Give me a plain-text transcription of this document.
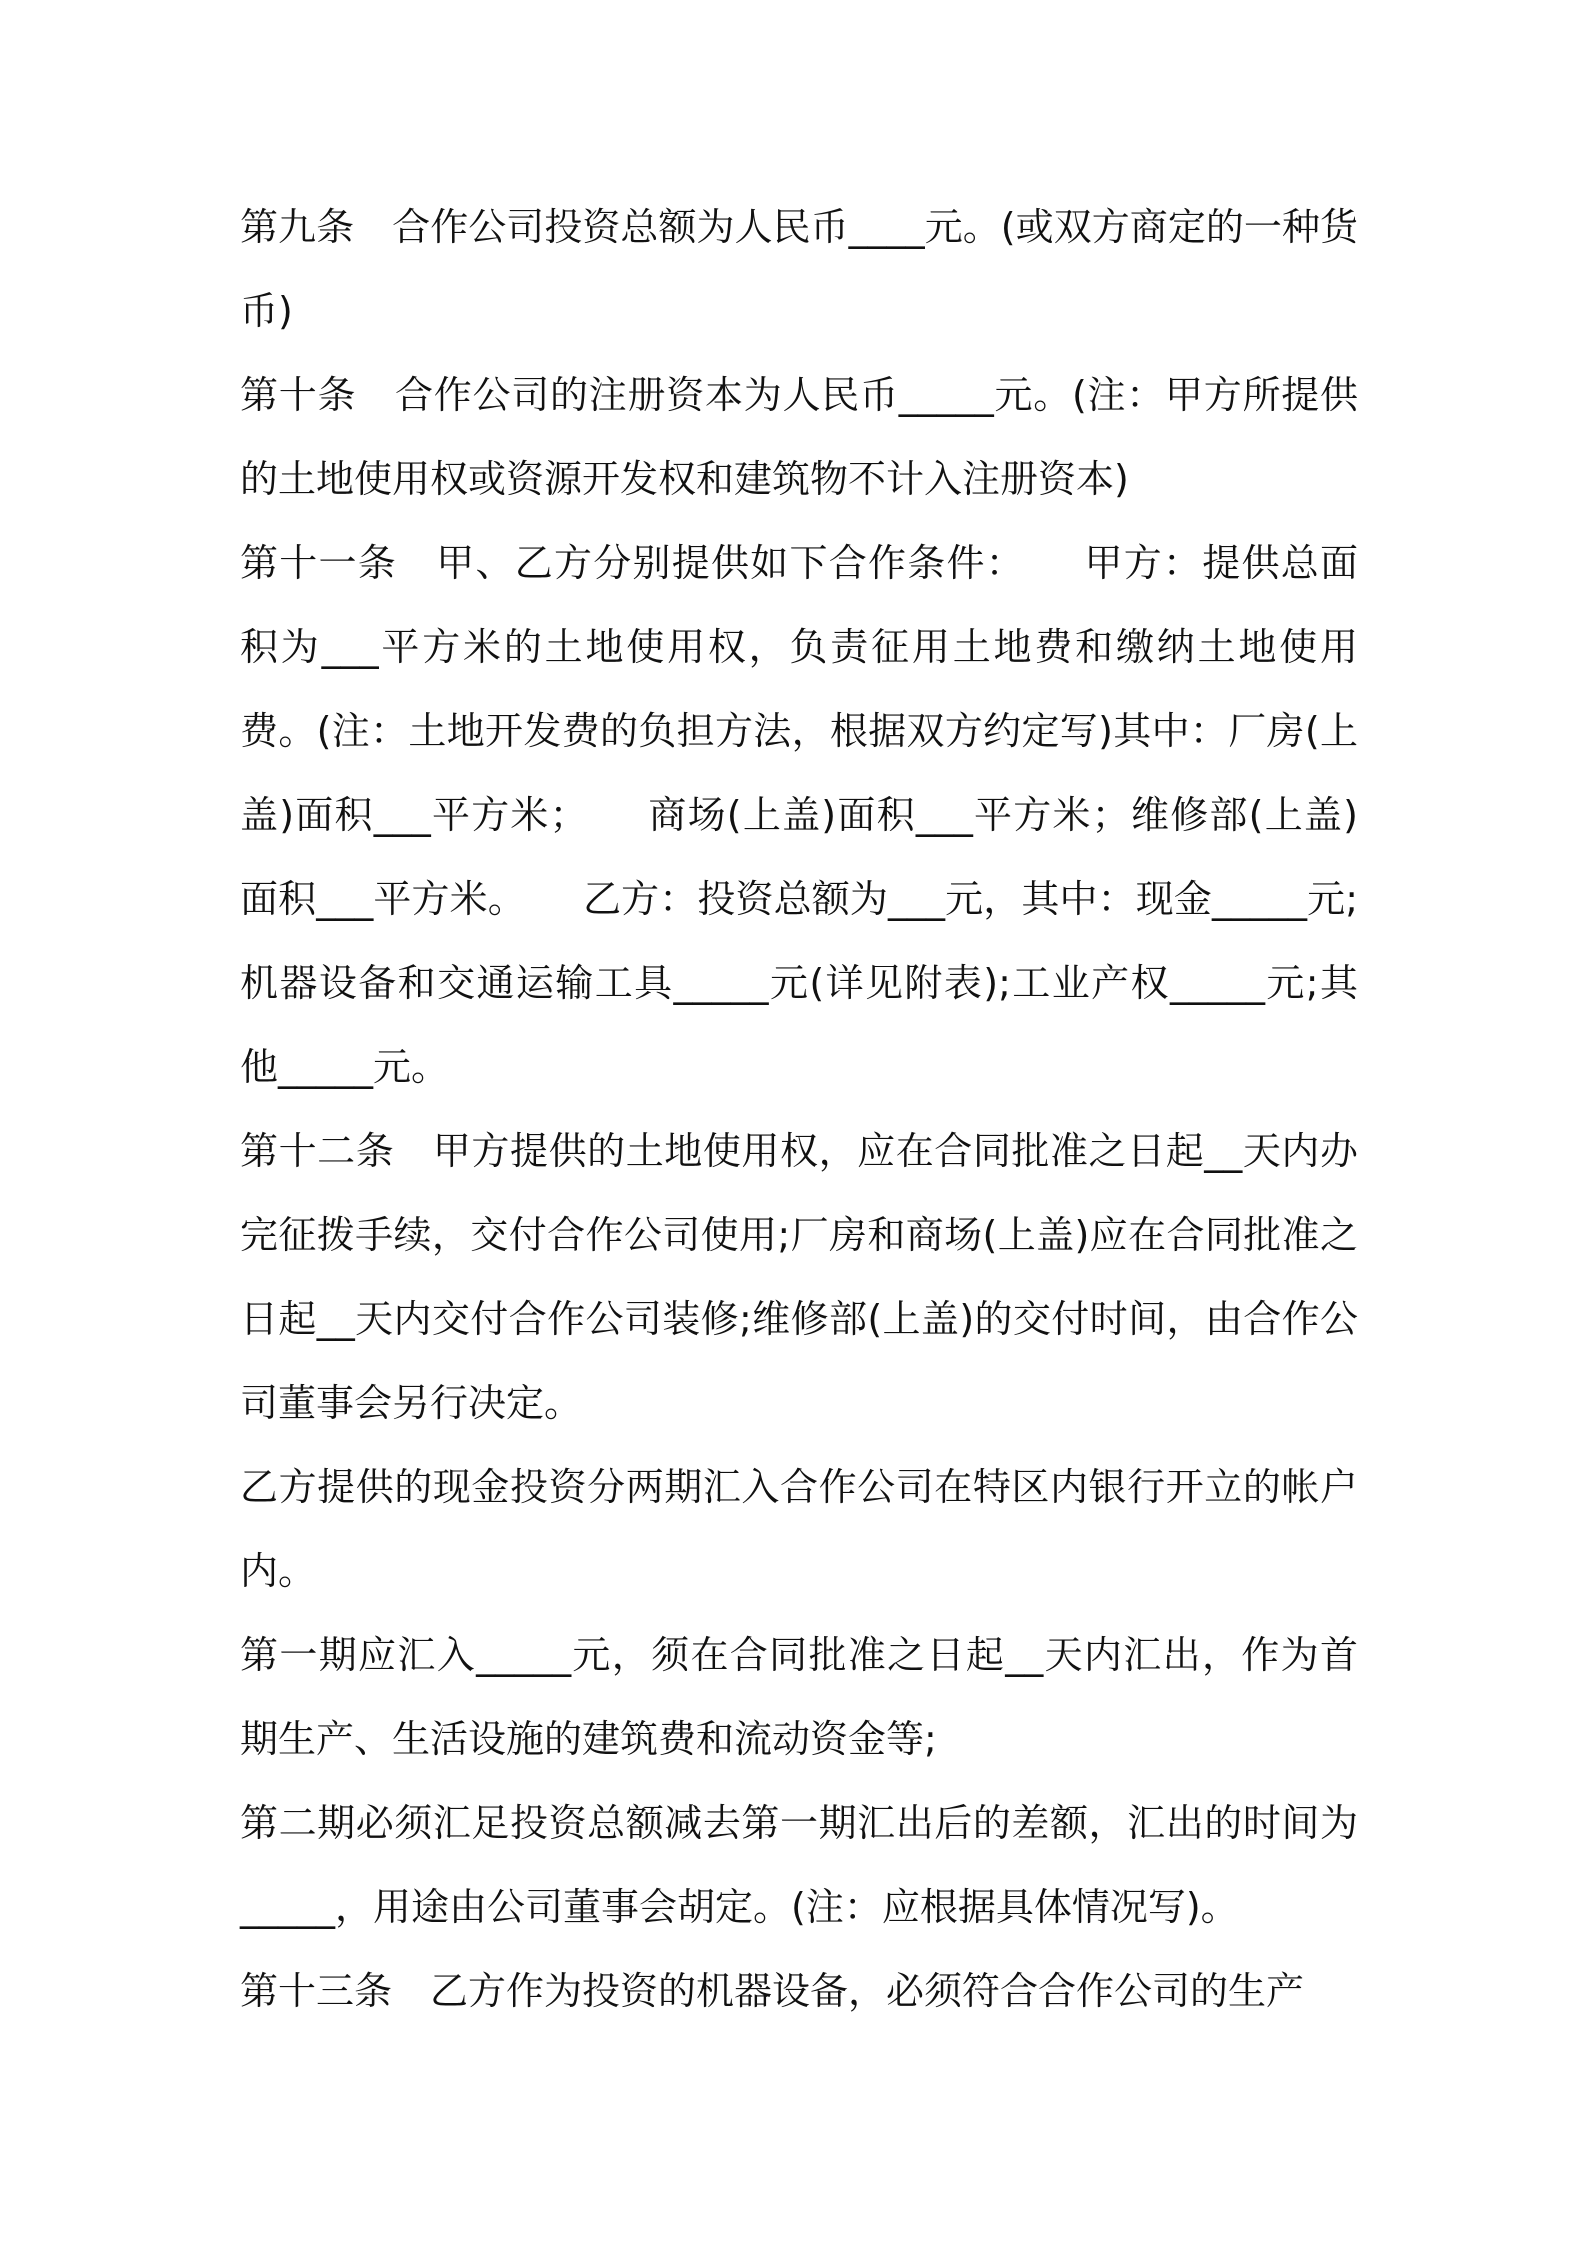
第九条　合作公司投资总额为人民币____元。(或双方商定的一种货币)

第十条　合作公司的注册资本为人民币_____元。(注：甲方所提供的土地使用权或资源开发权和建筑物不计入注册资本)

第十一条　甲、乙方分别提供如下合作条件：　　甲方：提供总面积为___平方米的土地使用权，负责征用土地费和缴纳土地使用费。(注：土地开发费的负担方法，根据双方约定写)其中：厂房(上盖)面积___平方米；　　商场(上盖)面积___平方米；维修部(上盖)面积___平方米。　　乙方：投资总额为___元，其中：现金_____元;机器设备和交通运输工具_____元(详见附表);工业产权_____元;其他_____元。

第十二条　甲方提供的土地使用权，应在合同批准之日起__天内办完征拨手续，交付合作公司使用;厂房和商场(上盖)应在合同批准之日起__天内交付合作公司装修;维修部(上盖)的交付时间，由合作公司董事会另行决定。

乙方提供的现金投资分两期汇入合作公司在特区内银行开立的帐户内。

第一期应汇入_____元，须在合同批准之日起__天内汇出，作为首期生产、生活设施的建筑费和流动资金等;

第二期必须汇足投资总额减去第一期汇出后的差额，汇出的时间为_____，用途由公司董事会胡定。(注：应根据具体情况写)。

第十三条　乙方作为投资的机器设备，必须符合合作公司的生产
